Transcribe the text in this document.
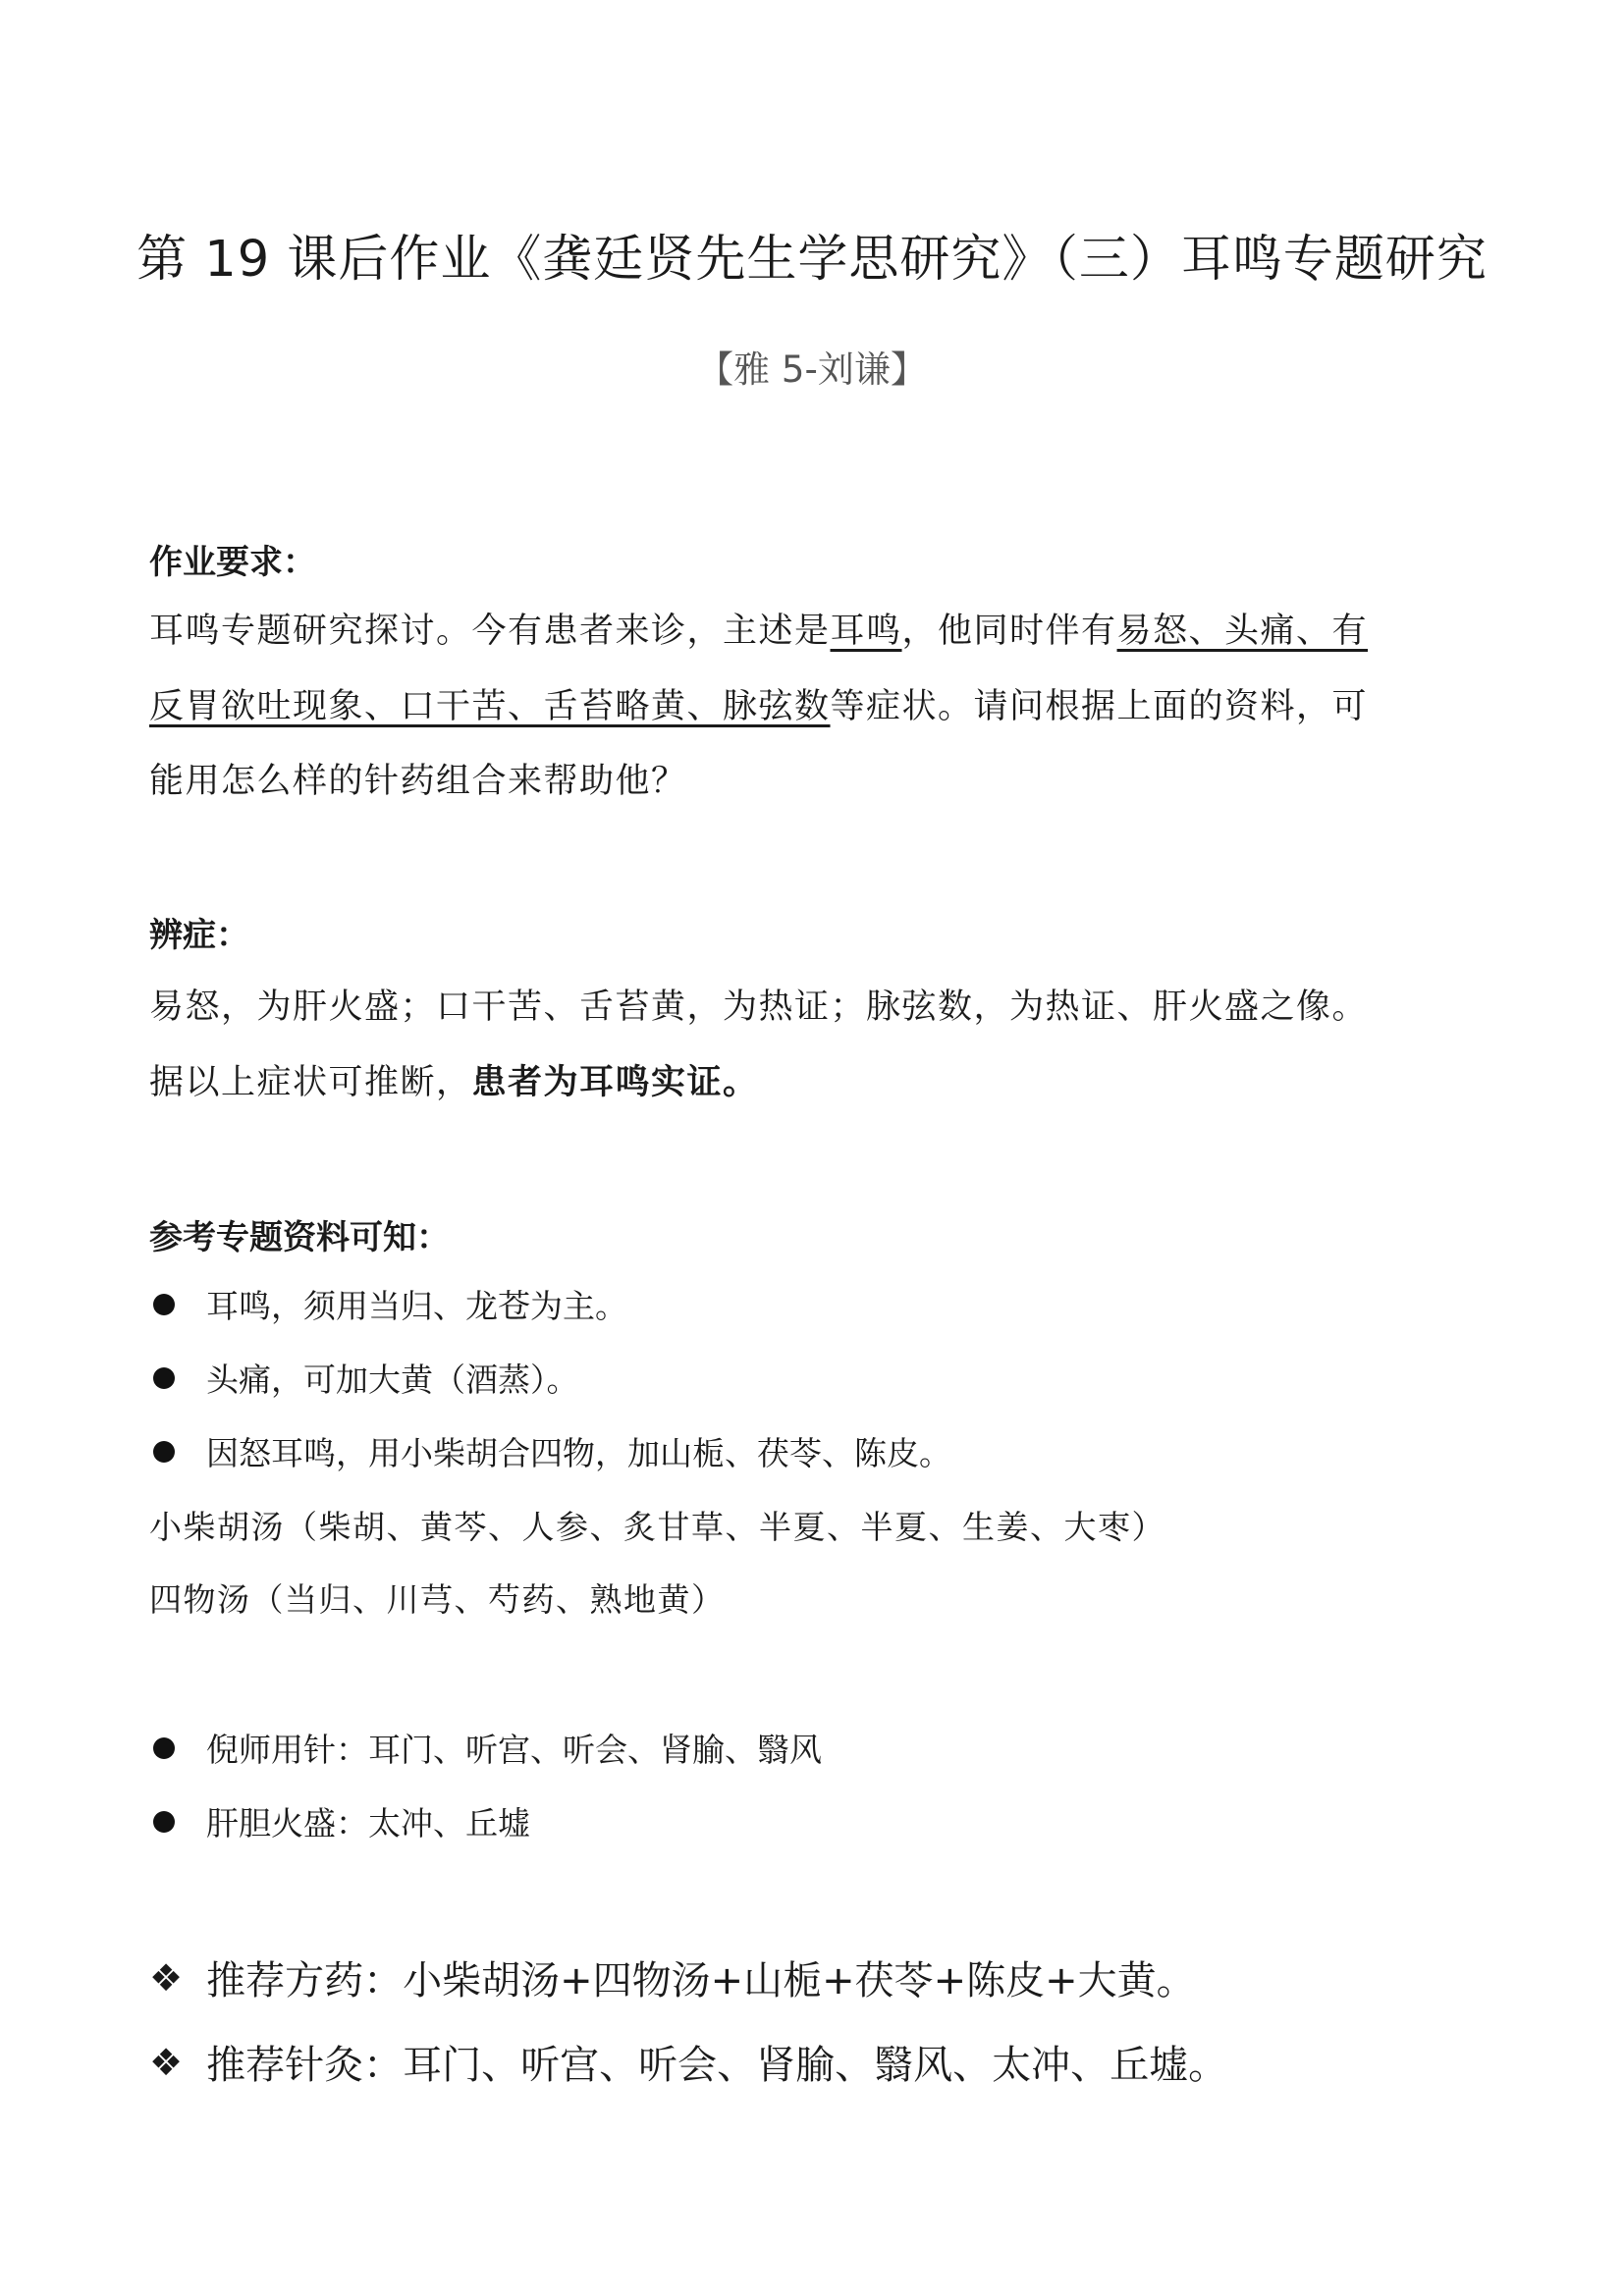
第 19 课后作业《龚廷贤先生学思研究》（三）耳鸣专题研究
【雅 5-刘谦】
作业要求：
耳鸣专题研究探讨。今有患者来诊，主述是耳鸣，他同时伴有易怒、头痛、有
反胃欲吐现象、口干苦、舌苔略黄、脉弦数等症状。请问根据上面的资料，可
能用怎么样的针药组合来帮助他？
辨症：
易怒，为肝火盛；口干苦、舌苔黄，为热证；脉弦数，为热证、肝火盛之像。
据以上症状可推断，患者为耳鸣实证。
参考专题资料可知：
耳鸣，须用当归、龙苍为主。
头痛，可加大黄（酒蒸）。
因怒耳鸣，用小柴胡合四物，加山栀、茯苓、陈皮。
小柴胡汤（柴胡、黄芩、人参、炙甘草、半夏、半夏、生姜、大枣）
四物汤（当归、川芎、芍药、熟地黄）
倪师用针：耳门、听宫、听会、肾腧、翳风
肝胆火盛：太冲、丘墟
❖ 推荐方药：小柴胡汤+四物汤+山栀+茯苓+陈皮+大黄。
❖ 推荐针灸：耳门、听宫、听会、肾腧、翳风、太冲、丘墟。
